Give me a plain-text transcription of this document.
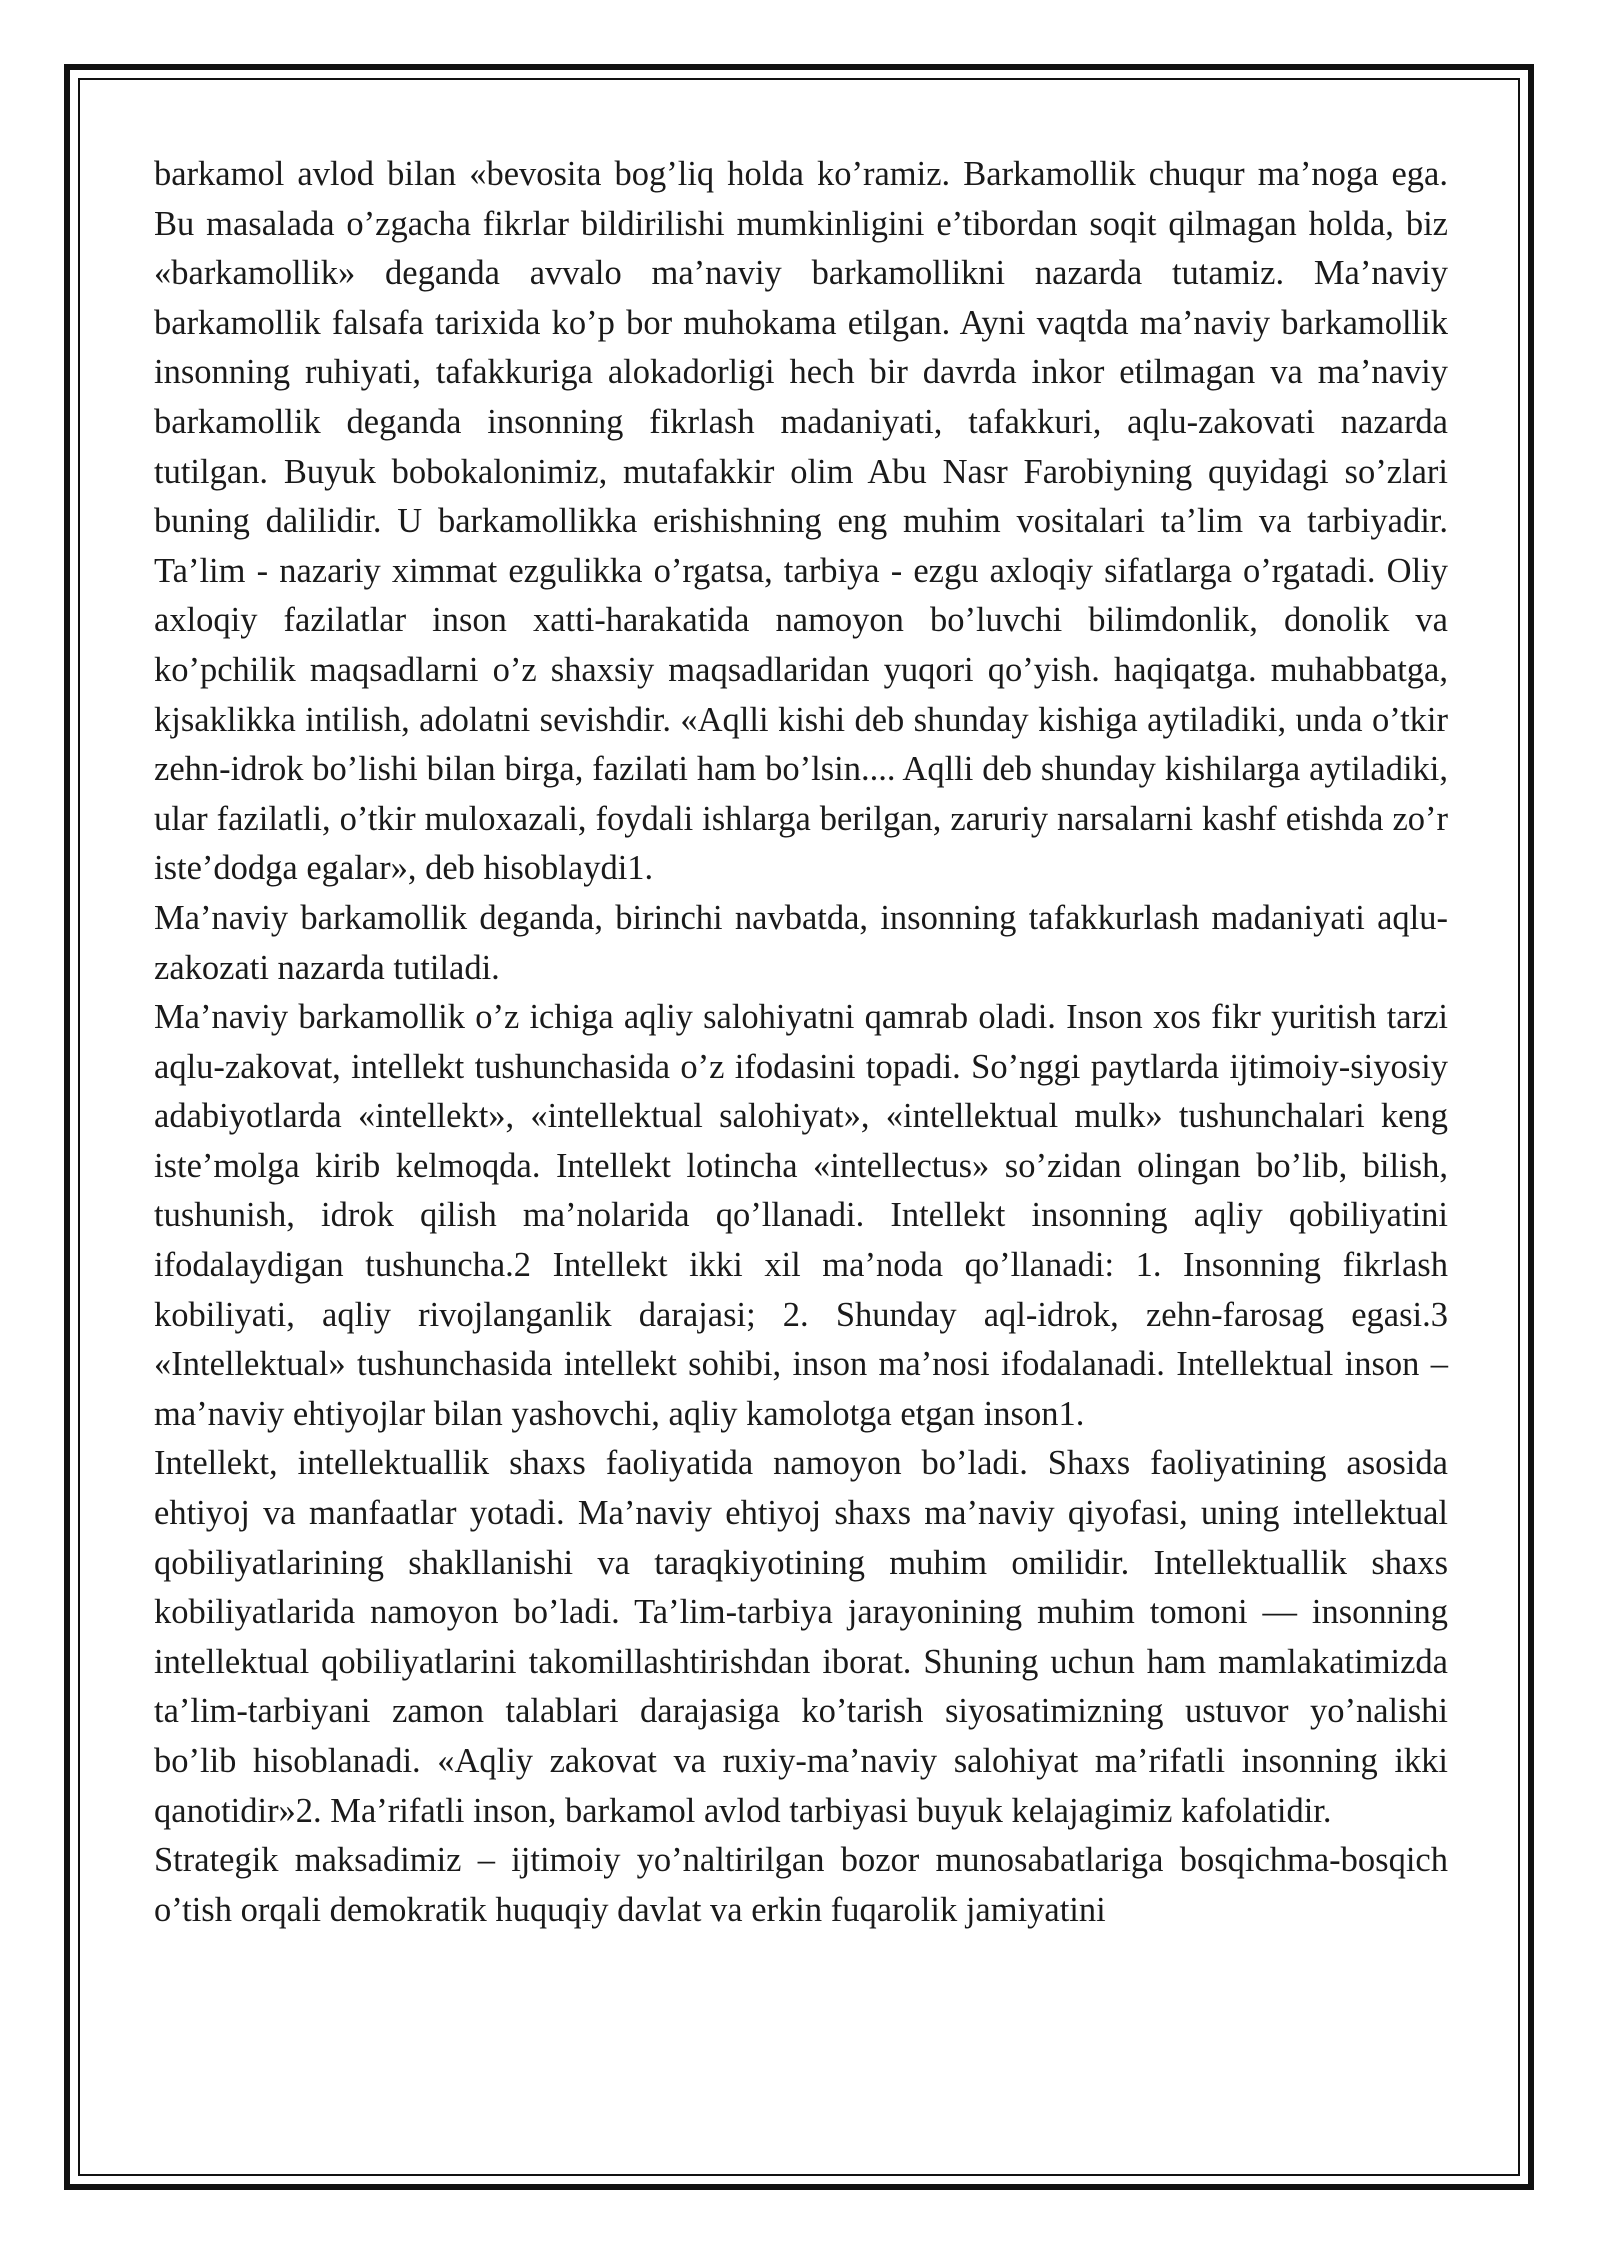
barkamol avlod bilan «bevosita bog’liq holda ko’ramiz. Barkamollik chuqur ma’noga ega. Bu masalada o’zgacha fikrlar bildirilishi mumkinligini e’tibordan soqit qilmagan holda, biz «barkamollik» deganda avvalo ma’naviy barkamollikni nazarda tutamiz. Ma’naviy barkamollik falsafa tarixida ko’p bor muhokama etilgan. Ayni vaqtda ma’naviy barkamollik insonning ruhiyati, tafakkuriga alokadorligi hech bir davrda inkor etilmagan va ma’naviy barkamollik deganda insonning fikrlash madaniyati, tafakkuri, aqlu-zakovati nazarda tutilgan. Buyuk bobokalonimiz, mutafakkir olim Abu Nasr Farobiyning quyidagi so’zlari buning dalilidir. U barkamollikka erishishning eng muhim vositalari ta’lim va tarbiyadir. Ta’lim - nazariy ximmat ezgulikka o’rgatsa, tarbiya - ezgu axloqiy sifatlarga o’rgatadi. Oliy axloqiy fazilatlar inson xatti-harakatida namoyon bo’luvchi bilimdonlik, donolik va ko’pchilik maqsadlarni o’z shaxsiy maqsadlaridan yuqori qo’yish. haqiqatga. muhabbatga, kjsaklikka intilish, adolatni sevishdir. «Aqlli kishi deb shunday kishiga aytiladiki, unda o’tkir zehn-idrok bo’lishi bilan birga, fazilati ham bo’lsin.... Aqlli deb shunday kishilarga aytiladiki, ular fazilatli, o’tkir muloxazali, foydali ishlarga berilgan, zaruriy narsalarni kashf etishda zo’r iste’dodga egalar», deb hisoblaydi1.

Ma’naviy barkamollik deganda, birinchi navbatda, insonning tafakkurlash madaniyati aqlu-zakozati nazarda tutiladi.

Ma’naviy barkamollik o’z ichiga aqliy salohiyatni qamrab oladi. Inson xos fikr yuritish tarzi aqlu-zakovat, intellekt tushunchasida o’z ifodasini topadi. So’nggi paytlarda ijtimoiy-siyosiy adabiyotlarda «intellekt», «intellektual salohiyat», «intellektual mulk» tushunchalari keng iste’molga kirib kelmoqda. Intellekt lotincha «intellectus» so’zidan olingan bo’lib, bilish, tushunish, idrok qilish ma’nolarida qo’llanadi. Intellekt insonning aqliy qobiliyatini ifodalaydigan tushuncha.2 Intellekt ikki xil ma’noda qo’llanadi: 1. Insonning fikrlash kobiliyati, aqliy rivojlanganlik darajasi; 2. Shunday aql-idrok, zehn-farosag egasi.3 «Intellektual» tushunchasida intellekt sohibi, inson ma’nosi ifodalanadi. Intellektual inson – ma’naviy ehtiyojlar bilan yashovchi, aqliy kamolotga etgan inson1.

Intellekt, intellektuallik shaxs faoliyatida namoyon bo’ladi. Shaxs faoliyatining asosida ehtiyoj va manfaatlar yotadi. Ma’naviy ehtiyoj shaxs ma’naviy qiyofasi, uning intellektual qobiliyatlarining shakllanishi va taraqkiyotining muhim omilidir. Intellektuallik shaxs kobiliyatlarida namoyon bo’ladi. Ta’lim-tarbiya jarayonining muhim tomoni — insonning intellektual qobiliyatlarini takomillashtirishdan iborat. Shuning uchun ham mamlakatimizda ta’lim-tarbiyani zamon talablari darajasiga ko’tarish siyosatimizning ustuvor yo’nalishi bo’lib hisoblanadi. «Aqliy zakovat va ruxiy-ma’naviy salohiyat ma’rifatli insonning ikki qanotidir»2. Ma’rifatli inson, barkamol avlod tarbiyasi buyuk kelajagimiz kafolatidir.

Strategik maksadimiz – ijtimoiy yo’naltirilgan bozor munosabatlariga bosqichma-bosqich o’tish orqali demokratik huquqiy davlat va erkin fuqarolik jamiyatini
